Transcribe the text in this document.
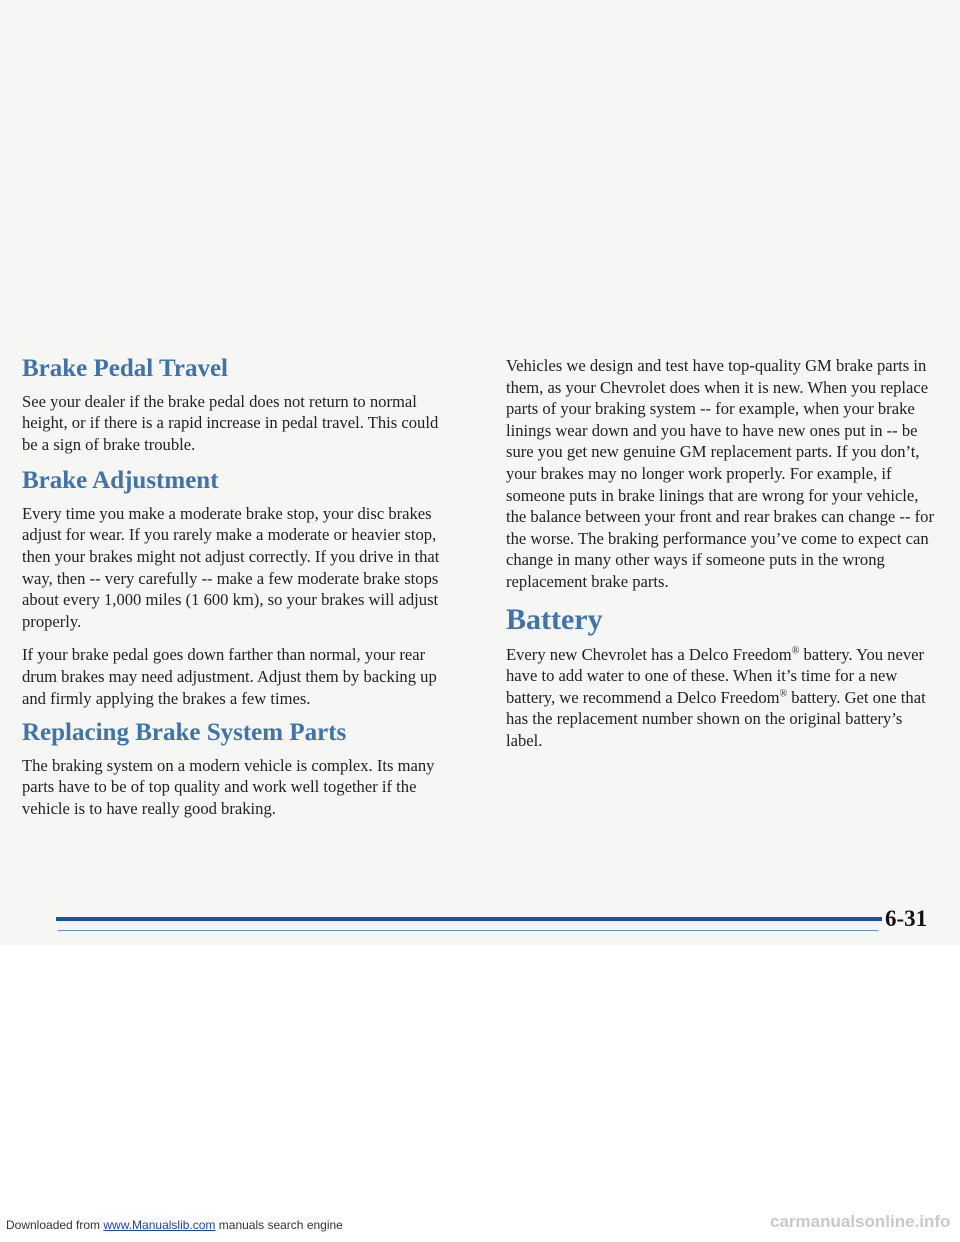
Brake Pedal Travel

See your dealer if the brake pedal does not return to normal height, or if there is a rapid increase in pedal travel. This could be a sign of brake trouble.

Brake Adjustment

Every time you make a moderate brake stop, your disc brakes adjust for wear. If you rarely make a moderate or heavier stop, then your brakes might not adjust correctly. If you drive in that way, then -- very carefully -- make a few moderate brake stops about every 1,000 miles (1 600 km), so your brakes will adjust properly.

If your brake pedal goes down farther than normal, your rear drum brakes may need adjustment. Adjust them by backing up and firmly applying the brakes a few times.

Replacing Brake System Parts

The braking system on a modern vehicle is complex. Its many parts have to be of top quality and work well together if the vehicle is to have really good braking.

Vehicles we design and test have top-quality GM brake parts in them, as your Chevrolet does when it is new. When you replace parts of your braking system -- for example, when your brake linings wear down and you have to have new ones put in -- be sure you get new genuine GM replacement parts. If you don’t, your brakes may no longer work properly. For example, if someone puts in brake linings that are wrong for your vehicle, the balance between your front and rear brakes can change -- for the worse. The braking performance you’ve come to expect can change in many other ways if someone puts in the wrong replacement brake parts.

Battery

Every new Chevrolet has a Delco Freedom® battery. You never have to add water to one of these. When it’s time for a new battery, we recommend a Delco Freedom® battery. Get one that has the replacement number shown on the original battery’s label.

6-31
Downloaded from www.Manualslib.com manuals search engine	carmanualsonline.info
